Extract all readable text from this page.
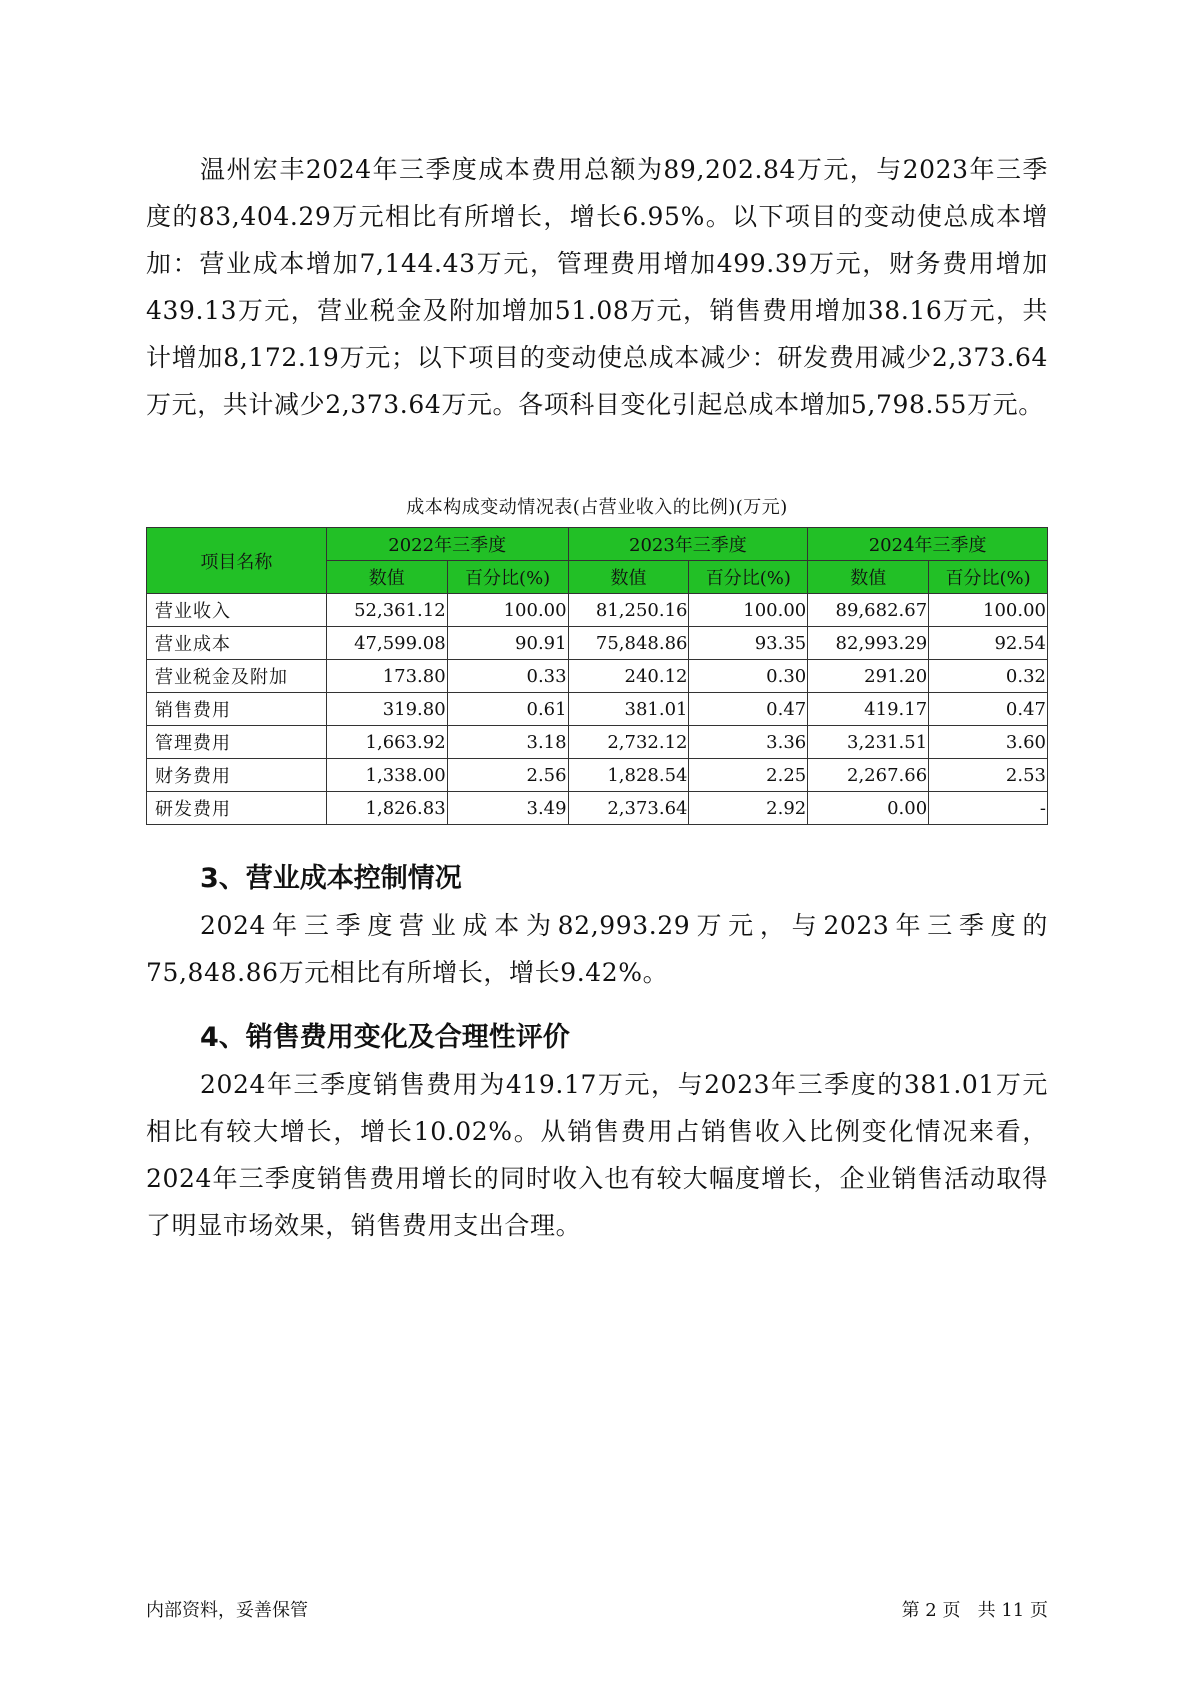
温州宏丰2024年三季度成本费用总额为89,202.84万元，与2023年三季度的83,404.29万元相比有所增长，增长6.95%。以下项目的变动使总成本增加：营业成本增加7,144.43万元，管理费用增加499.39万元，财务费用增加439.13万元，营业税金及附加增加51.08万元，销售费用增加38.16万元，共计增加8,172.19万元；以下项目的变动使总成本减少：研发费用减少2,373.64万元，共计减少2,373.64万元。各项科目变化引起总成本增加5,798.55万元。

成本构成变动情况表(占营业收入的比例)(万元)
项目名称	2022年三季度		2023年三季度		2024年三季度	
	数值	百分比(%)	数值	百分比(%)	数值	百分比(%)
营业收入	52,361.12	100.00	81,250.16	100.00	89,682.67	100.00
营业成本	47,599.08	90.91	75,848.86	93.35	82,993.29	92.54
营业税金及附加	173.80	0.33	240.12	0.30	291.20	0.32
销售费用	319.80	0.61	381.01	0.47	419.17	0.47
管理费用	1,663.92	3.18	2,732.12	3.36	3,231.51	3.60
财务费用	1,338.00	2.56	1,828.54	2.25	2,267.66	2.53
研发费用	1,826.83	3.49	2,373.64	2.92	0.00	-
3、营业成本控制情况

2024年三季度营业成本为82,993.29万元，与2023年三季度的75,848.86万元相比有所增长，增长9.42%。

4、销售费用变化及合理性评价

2024年三季度销售费用为419.17万元，与2023年三季度的381.01万元相比有较大增长，增长10.02%。从销售费用占销售收入比例变化情况来看，2024年三季度销售费用增长的同时收入也有较大幅度增长，企业销售活动取得了明显市场效果，销售费用支出合理。

内部资料，妥善保管	第 2 页   共 11 页
